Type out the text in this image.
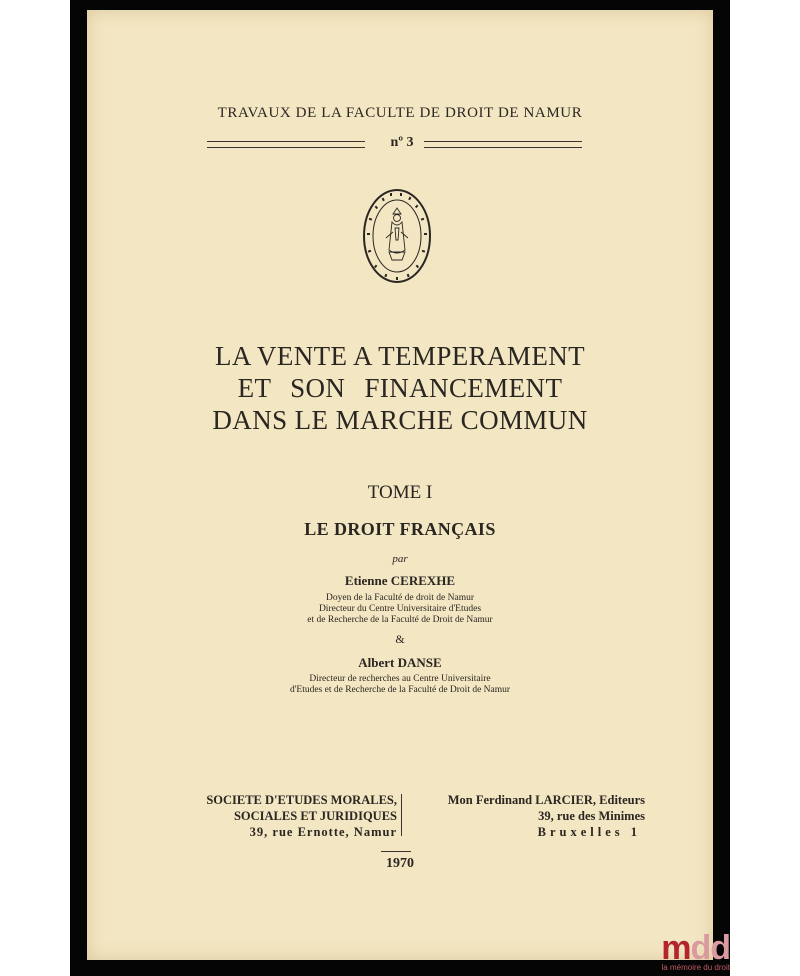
TRAVAUX DE LA FACULTE DE DROIT DE NAMUR
nº 3
LA VENTE A TEMPERAMENT
ET SON FINANCEMENT
DANS LE MARCHE COMMUN
TOME I
LE DROIT FRANÇAIS
par
Etienne CEREXHE
Doyen de la Faculté de droit de Namur
Directeur du Centre Universitaire d'Etudes
et de Recherche de la Faculté de Droit de Namur
&
Albert DANSE
Directeur de recherches au Centre Universitaire
d'Etudes et de Recherche de la Faculté de Droit de Namur
SOCIETE D'ETUDES MORALES,
SOCIALES ET JURIDIQUES
39, rue Ernotte, Namur
Mon Ferdinand LARCIER, Editeurs
39, rue des Minimes
Bruxelles 1
1970
mdd
la mémoire du droit
